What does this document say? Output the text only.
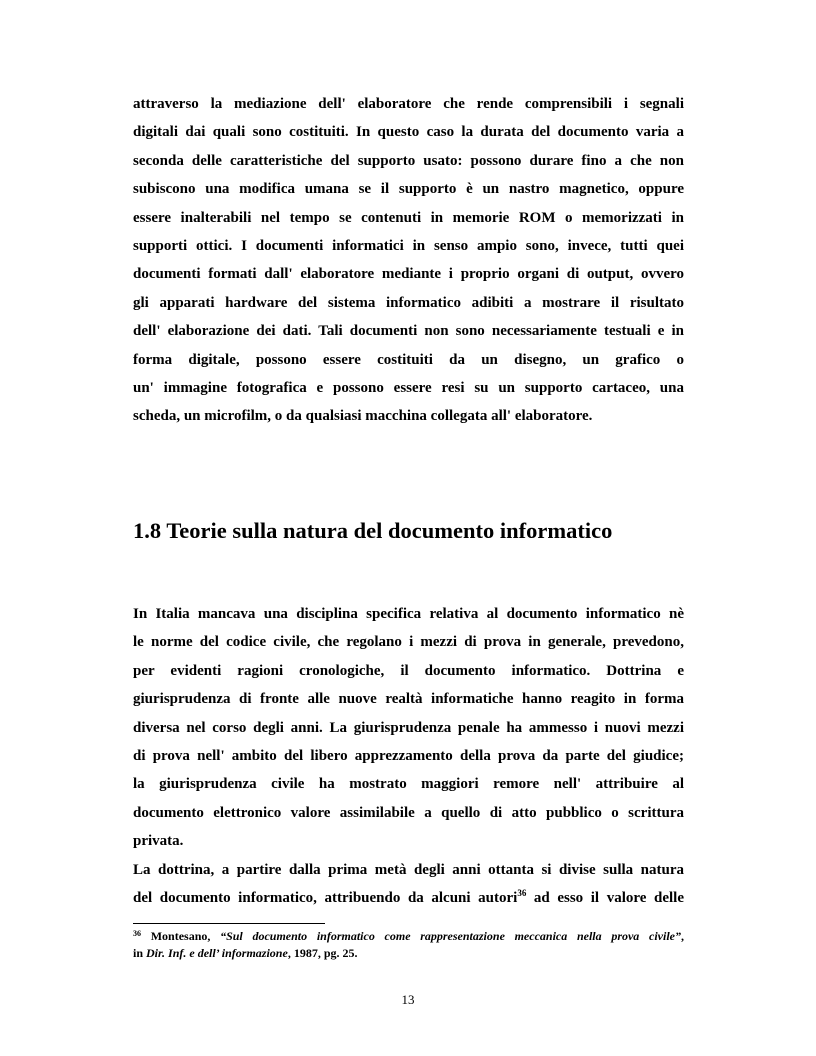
attraverso la mediazione dell' elaboratore che rende comprensibili i segnali
digitali dai quali sono costituiti. In questo caso la durata del documento varia a
seconda delle caratteristiche del supporto usato: possono durare fino a che non
subiscono una modifica umana se il supporto è un nastro magnetico, oppure
essere inalterabili nel tempo se contenuti in memorie ROM o memorizzati in
supporti ottici. I documenti informatici in senso ampio sono, invece, tutti quei
documenti formati dall' elaboratore mediante i proprio organi di output, ovvero
gli apparati hardware del sistema informatico adibiti a mostrare il risultato
dell' elaborazione dei dati. Tali documenti non sono necessariamente testuali e in
forma digitale, possono essere costituiti da un disegno, un grafico o
un' immagine fotografica e possono essere resi su un supporto cartaceo, una
scheda, un microfilm, o da qualsiasi macchina collegata all' elaboratore.
1.8 Teorie sulla natura del documento informatico
In Italia mancava una disciplina specifica relativa al documento informatico nè
le norme del codice civile, che regolano i mezzi di prova in generale, prevedono,
per evidenti ragioni cronologiche, il documento informatico. Dottrina e
giurisprudenza di fronte alle nuove realtà informatiche hanno reagito in forma
diversa nel corso degli anni. La giurisprudenza penale ha ammesso i nuovi mezzi
di prova nell' ambito del libero apprezzamento della prova da parte del giudice;
la giurisprudenza civile ha mostrato maggiori remore nell' attribuire al
documento elettronico valore assimilabile a quello di atto pubblico o scrittura
privata.
La dottrina, a partire dalla prima metà degli anni ottanta si divise sulla natura
del documento informatico, attribuendo da alcuni autori$^{36}$ ad esso il valore delle
$^{36}$ Montesano, “Sul documento informatico come rappresentazione meccanica nella prova civile”,
in Dir. Inf. e dell’ informazione, 1987, pg. 25.
13
